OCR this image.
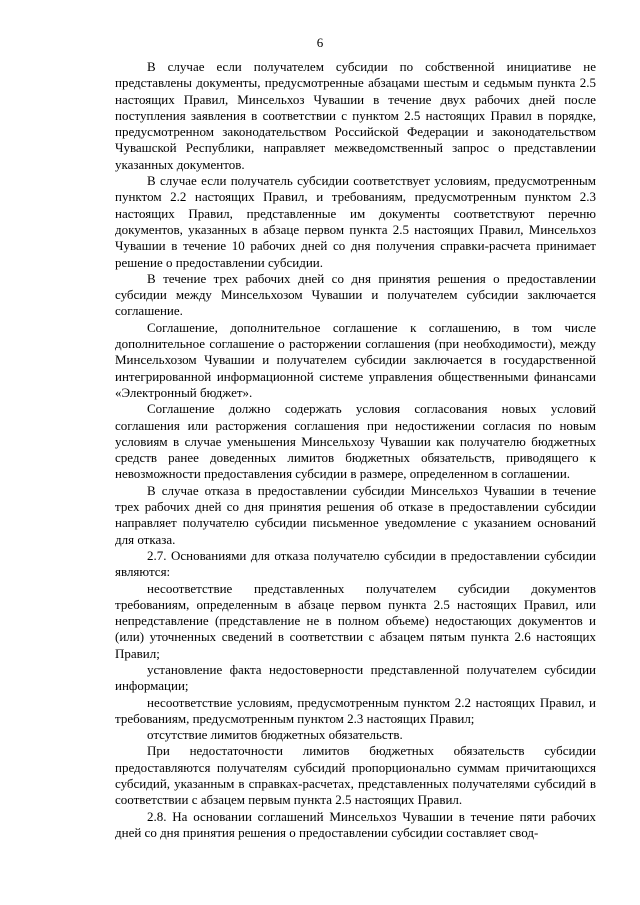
6

В случае если получателем субсидии по собственной инициативе не представлены документы, предусмотренные абзацами шестым и седьмым пункта 2.5 настоящих Правил, Минсельхоз Чувашии в течение двух рабочих дней после поступления заявления в соответствии с пунктом 2.5 настоящих Правил в порядке, предусмотренном законодательством Российской Федерации и законодательством Чувашской Республики, направляет межведомственный запрос о представлении указанных документов.

В случае если получатель субсидии соответствует условиям, предусмотренным пунктом 2.2 настоящих Правил, и требованиям, предусмотренным пунктом 2.3 настоящих Правил, представленные им документы соответствуют перечню документов, указанных в абзаце первом пункта 2.5 настоящих Правил, Минсельхоз Чувашии в течение 10 рабочих дней со дня получения справки-расчета принимает решение о предоставлении субсидии.

В течение трех рабочих дней со дня принятия решения о предоставлении субсидии между Минсельхозом Чувашии и получателем субсидии заключается соглашение.

Соглашение, дополнительное соглашение к соглашению, в том числе дополнительное соглашение о расторжении соглашения (при необходимости), между Минсельхозом Чувашии и получателем субсидии заключается в государственной интегрированной информационной системе управления общественными финансами «Электронный бюджет».

Соглашение должно содержать условия согласования новых условий соглашения или расторжения соглашения при недостижении согласия по новым условиям в случае уменьшения Минсельхозу Чувашии как получателю бюджетных средств ранее доведенных лимитов бюджетных обязательств, приводящего к невозможности предоставления субсидии в размере, определенном в соглашении.

В случае отказа в предоставлении субсидии Минсельхоз Чувашии в течение трех рабочих дней со дня принятия решения об отказе в предоставлении субсидии направляет получателю субсидии письменное уведомление с указанием оснований для отказа.

2.7. Основаниями для отказа получателю субсидии в предоставлении субсидии являются:

несоответствие представленных получателем субсидии документов требованиям, определенным в абзаце первом пункта 2.5 настоящих Правил, или непредставление (представление не в полном объеме) недостающих документов и (или) уточненных сведений в соответствии с абзацем пятым пункта 2.6 настоящих Правил;

установление факта недостоверности представленной получателем субсидии информации;

несоответствие условиям, предусмотренным пунктом 2.2 настоящих Правил, и требованиям, предусмотренным пунктом 2.3 настоящих Правил;

отсутствие лимитов бюджетных обязательств.

При недостаточности лимитов бюджетных обязательств субсидии предоставляются получателям субсидий пропорционально суммам причитающихся субсидий, указанным в справках-расчетах, представленных получателями субсидий в соответствии с абзацем первым пункта 2.5 настоящих Правил.

2.8. На основании соглашений Минсельхоз Чувашии в течение пяти рабочих дней со дня принятия решения о предоставлении субсидии составляет свод-
